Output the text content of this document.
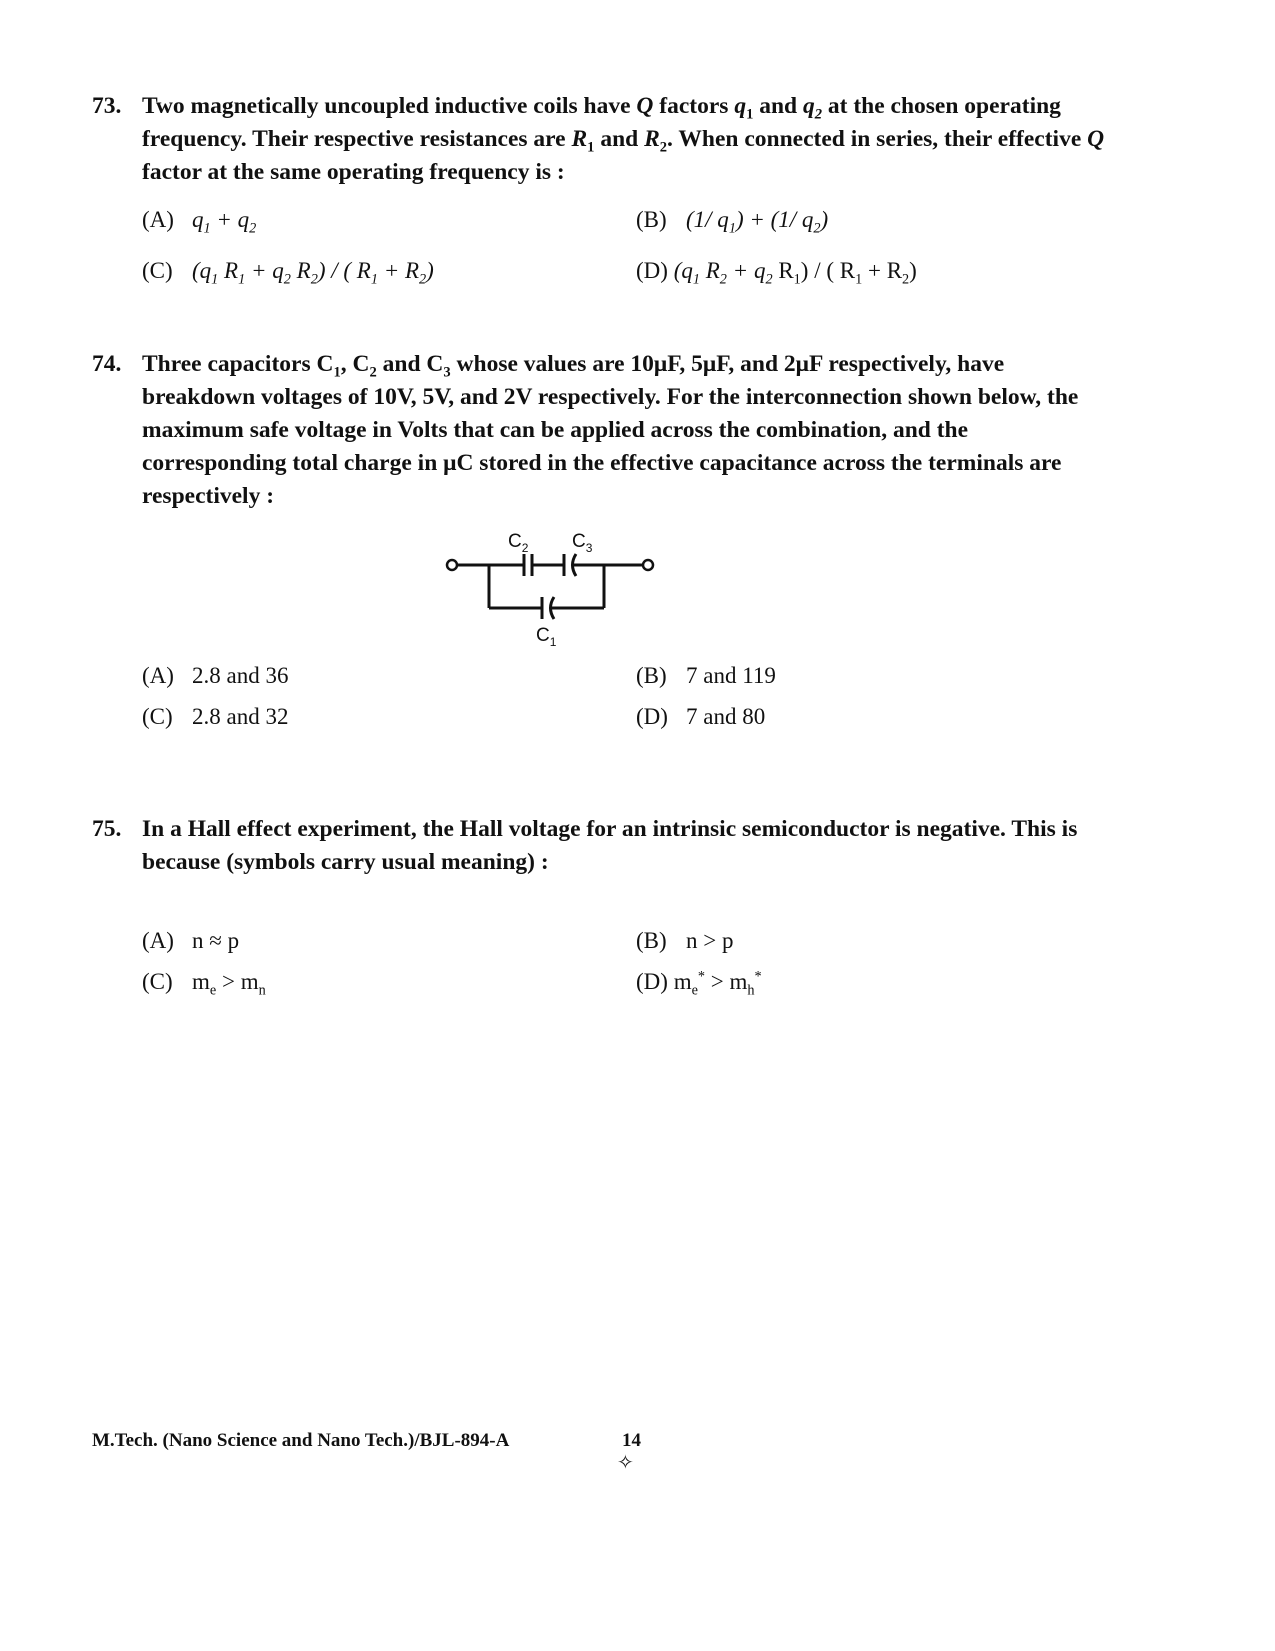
73. Two magnetically uncoupled inductive coils have Q factors $q_1$ and $q_2$ at the chosen operating frequency. Their respective resistances are $R_1$ and $R_2$. When connected in series, their effective Q factor at the same operating frequency is :
(A) $q_1 + q_2$	(B) (1/ $q_1) + (1/$ $q_2$)
(C) ($q_1$ $R_1 + q_2$ $R_2$) / ( $R_1 + R_2$)	(D) ($q_1$ $R_2 + q_2$ $R_1$) / ( $R_1 + R_2$)
74. Three capacitors $C_1$, $C_2$ and $C_3$ whose values are 10μF, 5μF, and 2μF respectively, have breakdown voltages of 10V, 5V, and 2V respectively. For the interconnection shown below, the maximum safe voltage in Volts that can be applied across the combination, and the corresponding total charge in μC stored in the effective capacitance across the terminals are respectively :
$C_2$ $C_3$
$C_1$
(A) 2.8 and 36	(B) 7 and 119
(C) 2.8 and 32	(D) 7 and 80
75. In a Hall effect experiment, the Hall voltage for an intrinsic semiconductor is negative. This is because (symbols carry usual meaning) :
(A) n ≈ p	(B) n > p
(C) $m_e > m_n$	(D) $m_e^* > m_h^*$
M.Tech. (Nano Science and Nano Tech.)/BJL-894-A	14
✧
